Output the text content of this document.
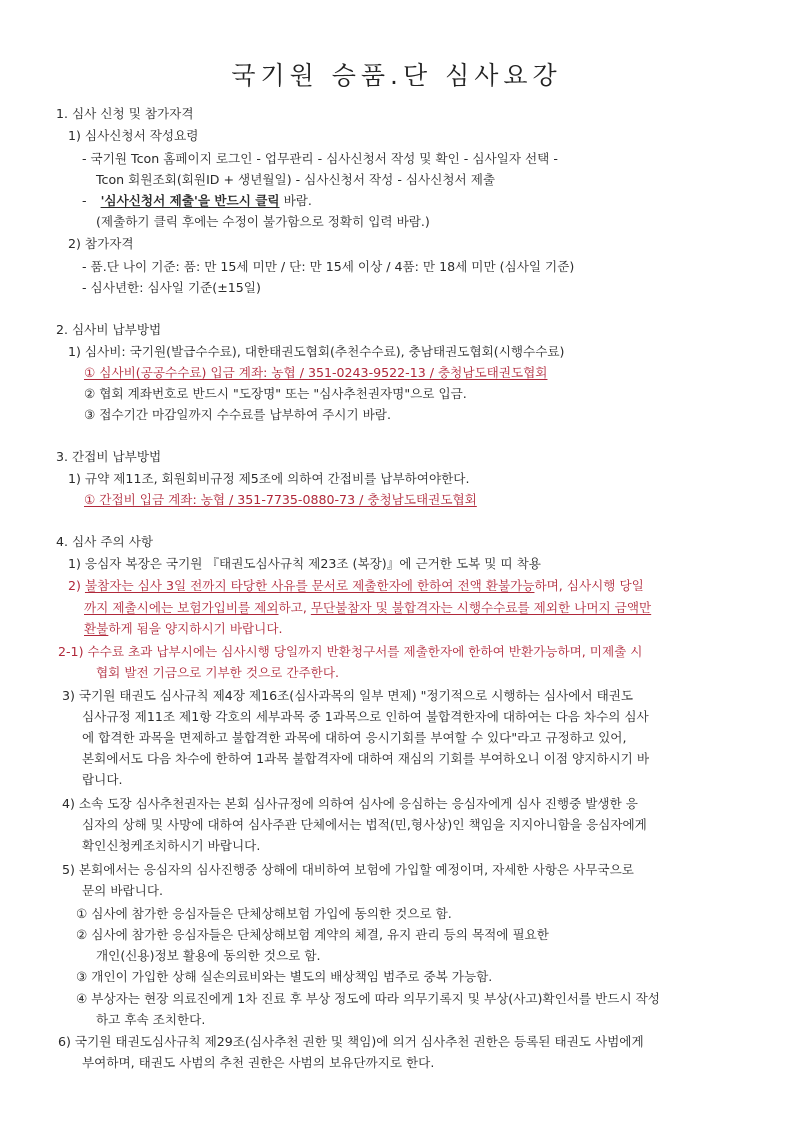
국기원 승품.단 심사요강
1. 심사 신청 및 참가자격
1) 심사신청서 작성요령
- 국기원 Tcon 홈페이지 로그인 - 업무관리 - 심사신청서 작성 및 확인 - 심사일자 선택 -
Tcon 회원조회(회원ID + 생년월일) - 심사신청서 작성 - 심사신청서 제출
- '심사신청서 제출'을 반드시 클릭 바람.
(제출하기 클릭 후에는 수정이 불가함으로 정확히 입력 바람.)
2) 참가자격
- 품.단 나이 기준: 품: 만 15세 미만 / 단: 만 15세 이상 / 4품: 만 18세 미만 (심사일 기준)
- 심사년한: 심사일 기준(±15일)
2. 심사비 납부방법
1) 심사비: 국기원(발급수수료), 대한태권도협회(추천수수료), 충남태권도협회(시행수수료)
① 심사비(공공수수료) 입금 계좌: 농협 / 351-0243-9522-13 / 충청남도태권도협회
② 협회 계좌번호로 반드시 "도장명" 또는 "심사추천권자명"으로 입금.
③ 접수기간 마감일까지 수수료를 납부하여 주시기 바람.
3. 간접비 납부방법
1) 규약 제11조, 회원회비규정 제5조에 의하여 간접비를 납부하여야한다.
① 간접비 입금 계좌: 농협 / 351-7735-0880-73 / 충청남도태권도협회
4. 심사 주의 사항
1) 응심자 복장은 국기원 『태권도심사규칙 제23조 (복장)』에 근거한 도복 및 띠 착용
2) 불참자는 심사 3일 전까지 타당한 사유를 문서로 제출한자에 한하여 전액 환불가능하며, 심사시행 당일
까지 제출시에는 보험가입비를 제외하고, 무단불참자 및 불합격자는 시행수수료를 제외한 나머지 금액만
환불하게 됨을 양지하시기 바랍니다.
2-1) 수수료 초과 납부시에는 심사시행 당일까지 반환청구서를 제출한자에 한하여 반환가능하며, 미제출 시
협회 발전 기금으로 기부한 것으로 간주한다.
3) 국기원 태권도 심사규칙 제4장 제16조(심사과목의 일부 면제) "정기적으로 시행하는 심사에서 태권도
심사규정 제11조 제1항 각호의 세부과목 중 1과목으로 인하여 불합격한자에 대하여는 다음 차수의 심사
에 합격한 과목을 면제하고 불합격한 과목에 대하여 응시기회를 부여할 수 있다"라고 규정하고 있어,
본회에서도 다음 차수에 한하여 1과목 불합격자에 대하여 재심의 기회를 부여하오니 이점 양지하시기 바
랍니다.
4) 소속 도장 심사추천권자는 본회 심사규정에 의하여 심사에 응심하는 응심자에게 심사 진행중 발생한 응
심자의 상해 및 사망에 대하여 심사주관 단체에서는 법적(민,형사상)인 책임을 지지아니함을 응심자에게
확인신청케조치하시기 바랍니다.
5) 본회에서는 응심자의 심사진행중 상해에 대비하여 보험에 가입할 예정이며, 자세한 사항은 사무국으로
문의 바랍니다.
① 심사에 참가한 응심자들은 단체상해보험 가입에 동의한 것으로 함.
② 심사에 참가한 응심자들은 단체상해보험 계약의 체결, 유지 관리 등의 목적에 필요한
개인(신용)정보 활용에 동의한 것으로 함.
③ 개인이 가입한 상해 실손의료비와는 별도의 배상책임 범주로 중복 가능함.
④ 부상자는 현장 의료진에게 1차 진료 후 부상 정도에 따라 의무기록지 및 부상(사고)확인서를 반드시 작성
하고 후속 조치한다.
6) 국기원 태권도심사규칙 제29조(심사추천 권한 및 책임)에 의거 심사추천 권한은 등록된 태권도 사범에게
부여하며, 태권도 사범의 추천 권한은 사범의 보유단까지로 한다.
